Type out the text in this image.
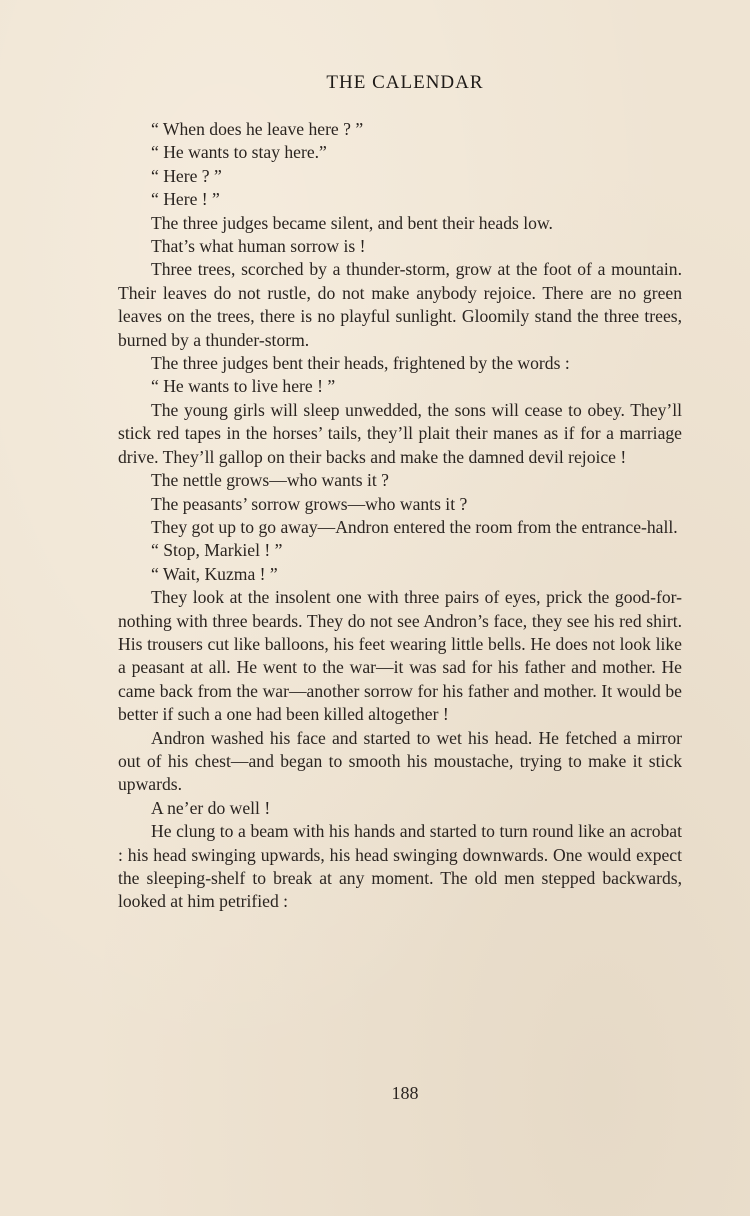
THE CALENDAR

“ When does he leave here ? ”

“ He wants to stay here.”

“ Here ? ”

“ Here ! ”

The three judges became silent, and bent their heads low.

That’s what human sorrow is !

Three trees, scorched by a thunder-storm, grow at the foot of a mountain. Their leaves do not rustle, do not make anybody rejoice. There are no green leaves on the trees, there is no playful sunlight. Gloomily stand the three trees, burned by a thunder-storm.

The three judges bent their heads, frightened by the words :

“ He wants to live here ! ”

The young girls will sleep unwedded, the sons will cease to obey. They’ll stick red tapes in the horses’ tails, they’ll plait their manes as if for a marriage drive. They’ll gallop on their backs and make the damned devil rejoice !

The nettle grows—who wants it ?

The peasants’ sorrow grows—who wants it ?

They got up to go away—Andron entered the room from the entrance-hall.

“ Stop, Markiel ! ”

“ Wait, Kuzma ! ”

They look at the insolent one with three pairs of eyes, prick the good-for-nothing with three beards. They do not see Andron’s face, they see his red shirt. His trousers cut like balloons, his feet wearing little bells. He does not look like a peasant at all. He went to the war—it was sad for his father and mother. He came back from the war—another sorrow for his father and mother. It would be better if such a one had been killed altogether !

Andron washed his face and started to wet his head. He fetched a mirror out of his chest—and began to smooth his moustache, trying to make it stick upwards.

A ne’er do well !

He clung to a beam with his hands and started to turn round like an acrobat : his head swinging upwards, his head swinging downwards. One would expect the sleeping-shelf to break at any moment. The old men stepped backwards, looked at him petrified :

188
